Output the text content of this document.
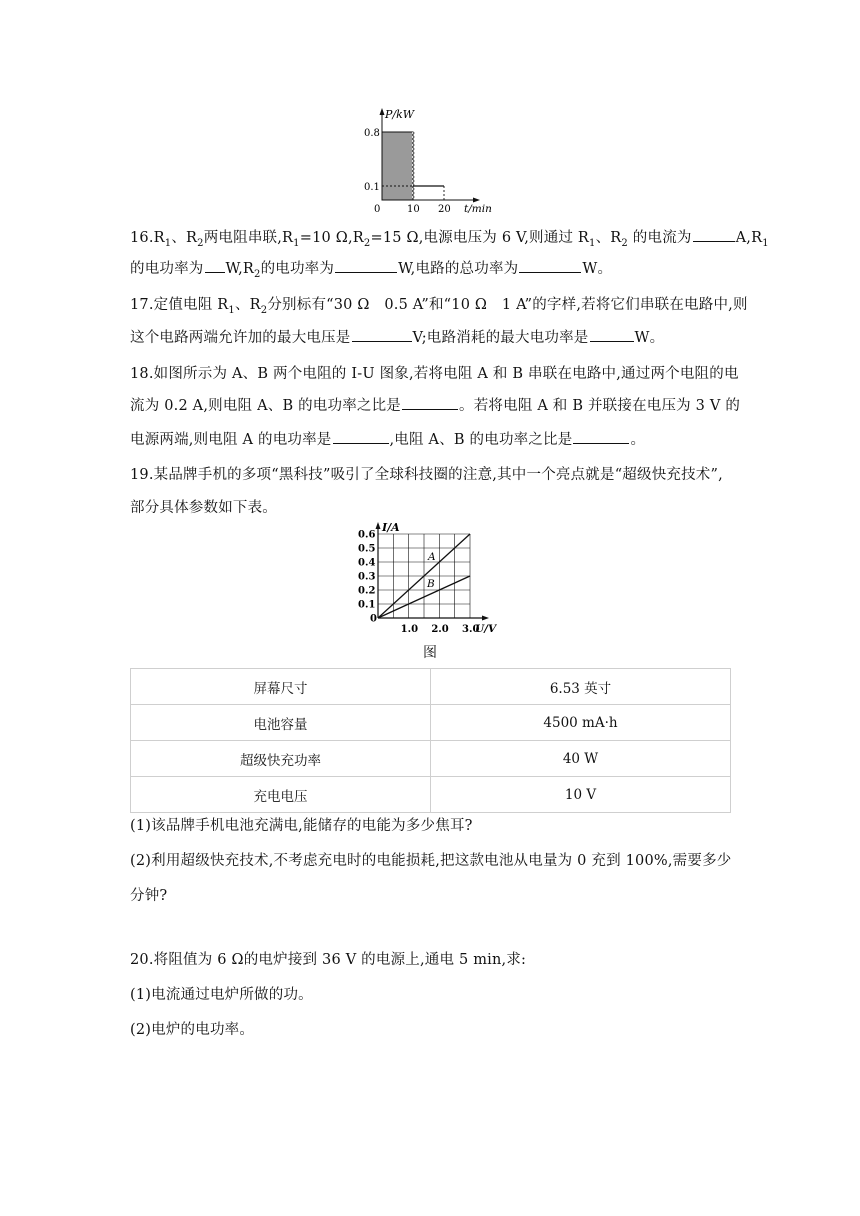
P/kW
0.8
0.1
0	10 20 t/min
$16.R_1$、$R_2$两电阻串联$,R_1=10$ $\Omega,R_2=15$ Ω,电源电压为 6 V,则通过 $R_1$、$R_2$ 的电流为	$A,R_1$
的电功率为 $W,R_2$的电功率为	W,电路的总功率为	W。
17.定值电阻 $R_1$、$R_2$分别标有“30 Ω　0.5 A”和“10 Ω　1 A”的字样,若将它们串联在电路中,则
这个电路两端允许加的最大电压是	V;电路消耗的最大电功率是	W。
18.如图所示为 A、B 两个电阻的 I-U 图象,若将电阻 A 和 B 串联在电路中,通过两个电阻的电
流为 0.2 A,则电阻 A、B 的电功率之比是	。若将电阻 A 和 B 并联接在电压为 3 V 的
电源两端,则电阻 A 的电功率是	,电阻 A、B 的电功率之比是	。
19.某品牌手机的多项“黑科技”吸引了全球科技圈的注意,其中一个亮点就是“超级快充技术”,
部分具体参数如下表。
A
B
I/A
0.6
0.5
0.4
0.3
0.2
0.1
0
1.0 2.0 3.0
U/V
图
屏幕尺寸	6.53 英寸
电池容量	4500 mA·h
超级快充功率	40 W
充电电压	10 V
(1)该品牌手机电池充满电,能储存的电能为多少焦耳?
(2)利用超级快充技术,不考虑充电时的电能损耗,把这款电池从电量为 0 充到 100%,需要多少
分钟?
20.将阻值为 6 Ω的电炉接到 36 V 的电源上,通电 5 min,求:
(1)电流通过电炉所做的功。
(2)电炉的电功率。
